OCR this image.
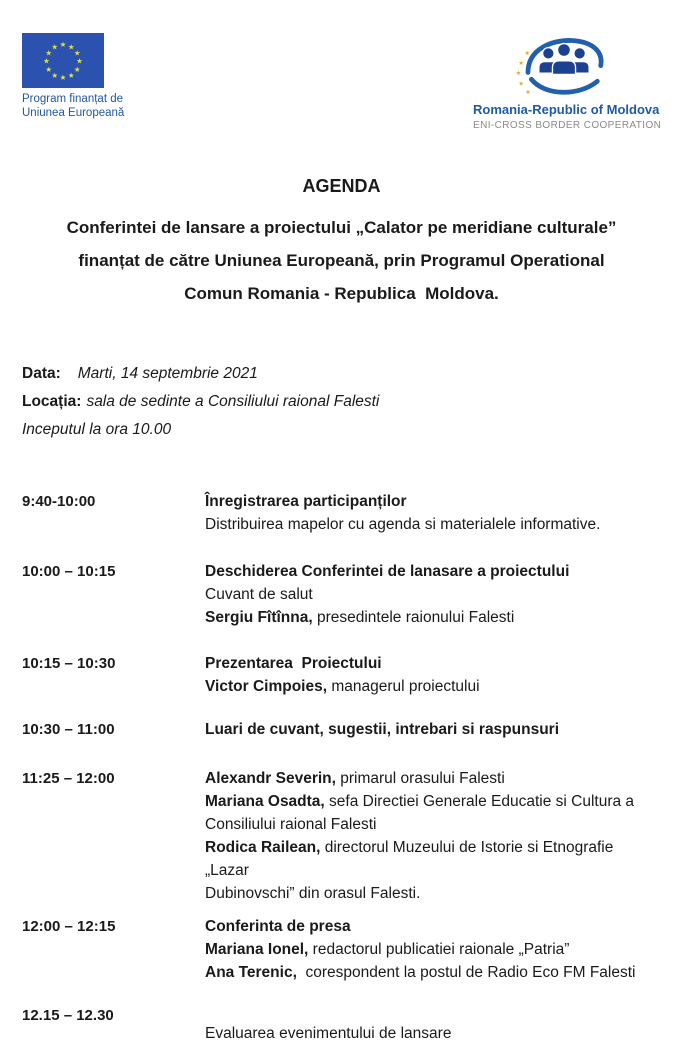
★ ★
★
★
★
★
★
★
★
★
★
★
Program finanțat de
Uniunea Europeană
★
★
★
★
★
Romania-Republic of Moldova
ENI-CROSS BORDER COOPERATION
AGENDA
Conferintei de lansare a proiectului „Calator pe meridiane culturale”
finanțat de către Uniunea Europeană, prin Programul Operational
Comun Romania - Republica  Moldova.
Data: Marti, 14 septembrie 2021
Locația: sala de sedinte a Consiliului raional Falesti
Inceputul la ora 10.00
9:40-10:00	Înregistrarea participanților
Distribuirea mapelor cu agenda si materialele informative.
10:00 – 10:15	Deschiderea Conferintei de lanasare a proiectului
Cuvant de salut
Sergiu Fîtînna, presedintele raionului Falesti
10:15 – 10:30	Prezentarea  Proiectului
Victor Cimpoies, managerul proiectului
10:30 – 11:00	Luari de cuvant, sugestii, intrebari si raspunsuri
11:25 – 12:00	Alexandr Severin, primarul orasului Falesti
Mariana Osadta, sefa Directiei Generale Educatie si Cultura a
Consiliului raional Falesti
Rodica Railean, directorul Muzeului de Istorie si Etnografie „Lazar
Dubinovschi” din orasul Falesti.
12:00 – 12:15	Conferinta de presa
Mariana Ionel, redactorul publicatiei raionale „Patria”
Ana Terenic,  corespondent la postul de Radio Eco FM Falesti
12.15 – 12.30
Evaluarea evenimentului de lansare
